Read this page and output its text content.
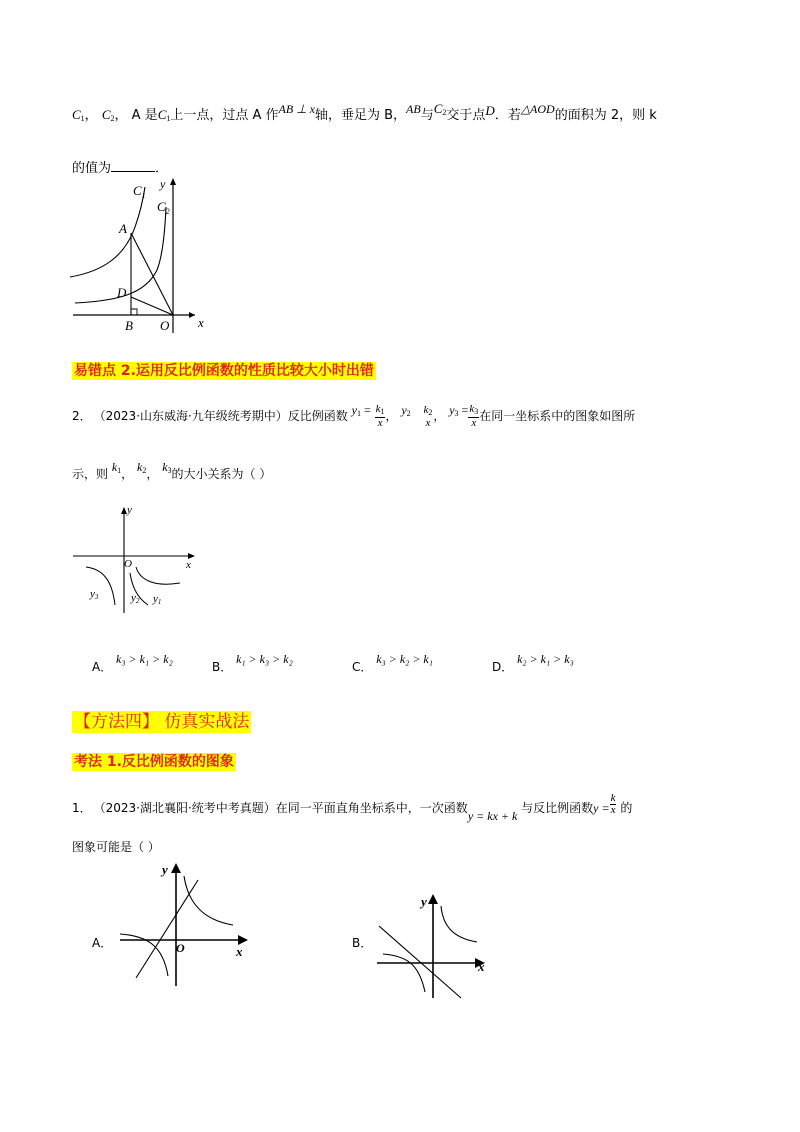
$C_1$， $C_2$， A 是$C_1$上一点，过点 A 作AB ⊥ x轴，垂足为 B，AB与$C_2$交于点D．若△AOD的面积为 2，则 k
的值为	．
$C_1$
$C_2$
y
x
A
D
B O
易错点 2.运用反比例函数的性质比较大小时出错
2． （2023·山东威海·九年级统考期中）反比例函数 $y_1 = \frac{k_1}{x}$ ， $y_2$ $k_2$
x ， $y_3 = \frac{k_3}{x}$ 在同一坐标系中的图象如图所
示，则 $k_1$， $k_2$， $k_3$的大小关系为（ ）
y
x
O
y3	y2 y1
A． k₃ > k₁ > k₂
B． k₁ > k₃ > k₂
C． k₃ > k₂ > k₁
D． k₂ > k₁ > k₃
【方法四】 仿真实战法
考法 1.反比例函数的图象
1． （2023·湖北襄阳·统考中考真题）在同一平面直角坐标系中，一次函数y = kx + k 与反比例函数$y = \frac{k}{x}$ 的
图象可能是（ ）
A．
y
x
O	B．
y
x
